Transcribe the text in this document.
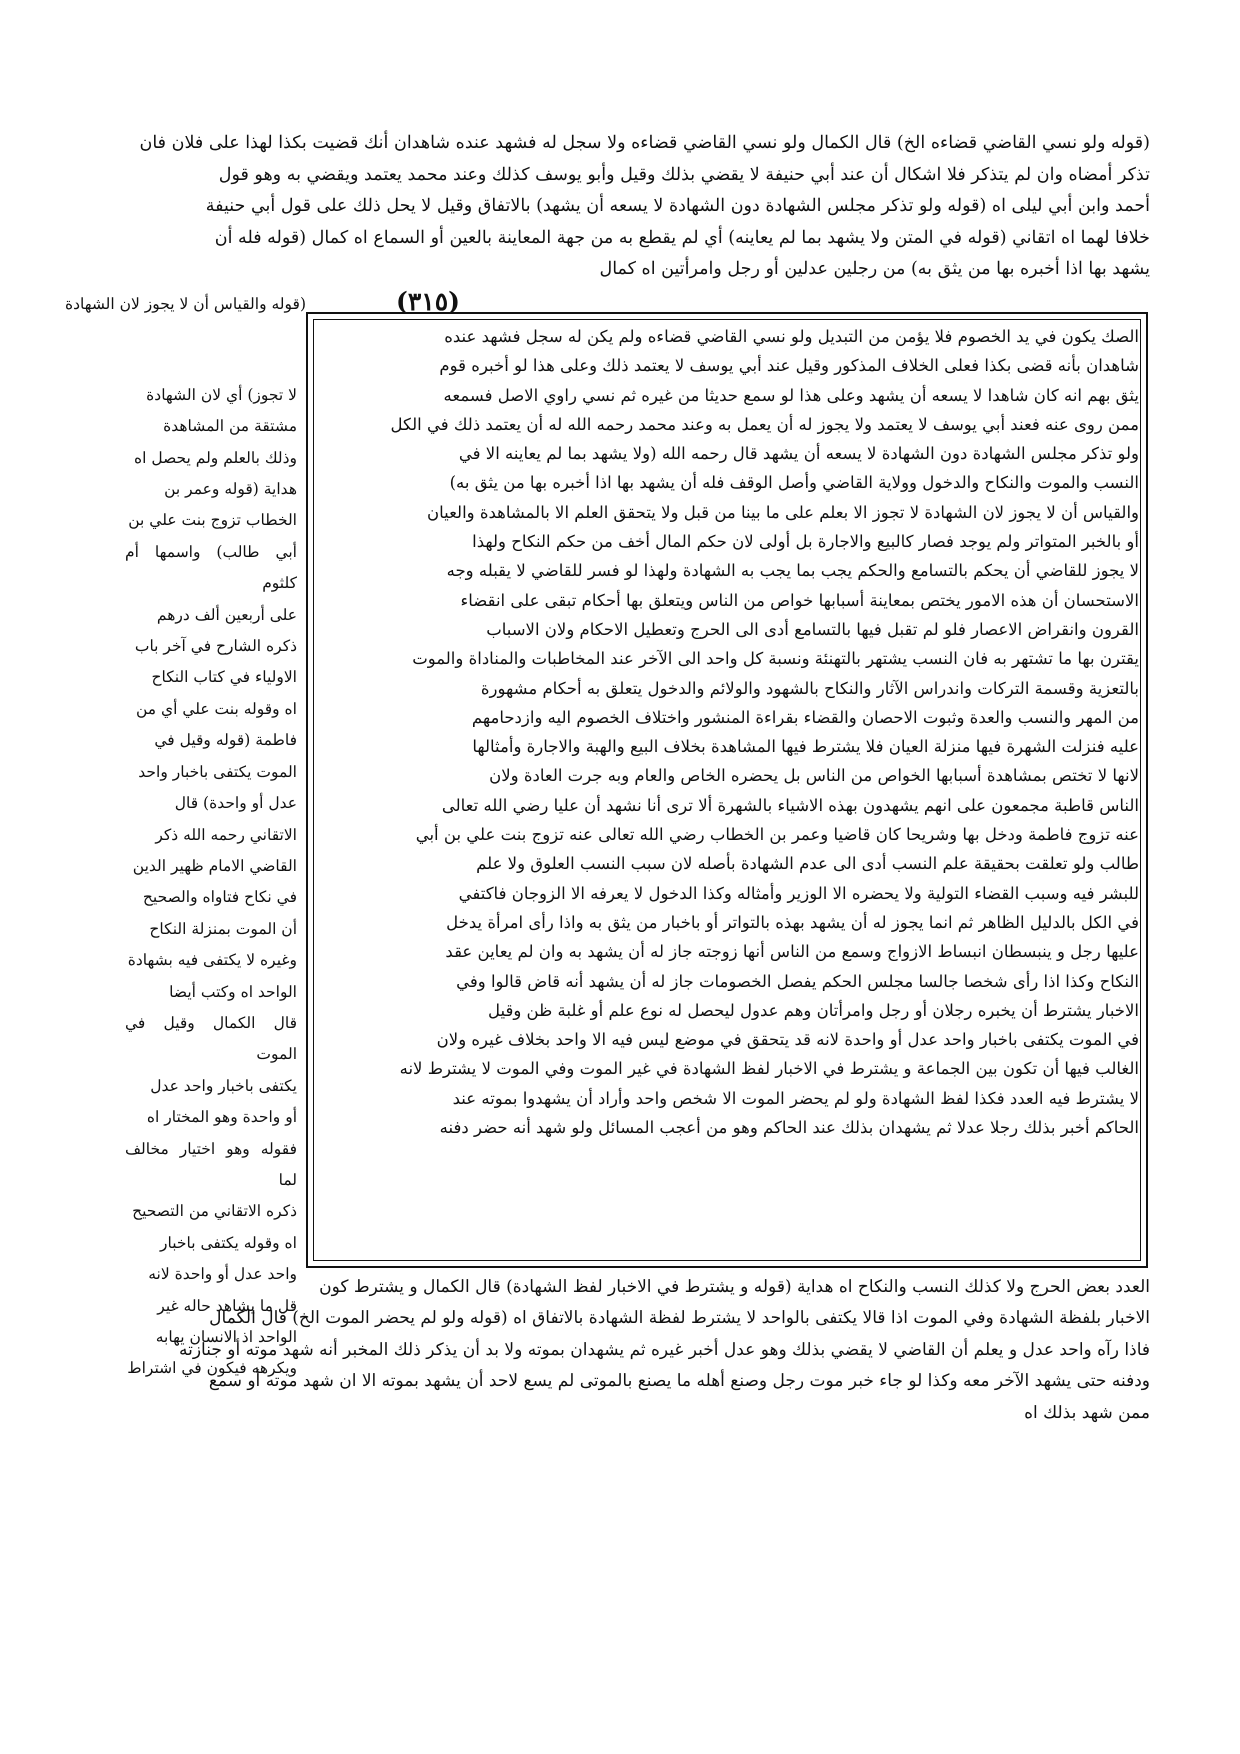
(قوله ولو نسي القاضي قضاءه الخ) قال الكمال ولو نسي القاضي قضاءه ولا سجل له فشهد عنده شاهدان أنك قضيت بكذا لهذا على فلان فان
تذكر أمضاه وان لم يتذكر فلا اشكال أن عند أبي حنيفة لا يقضي بذلك وقيل وأبو يوسف كذلك وعند محمد يعتمد ويقضي به وهو قول
أحمد وابن أبي ليلى اه (قوله ولو تذكر مجلس الشهادة دون الشهادة لا يسعه أن يشهد) بالاتفاق وقيل لا يحل ذلك على قول أبي حنيفة
خلافا لهما اه اتقاني (قوله في المتن ولا يشهد بما لم يعاينه) أي لم يقطع به من جهة المعاينة بالعين أو السماع اه كمال (قوله فله أن
يشهد بها اذا أخبره بها من يثق به) من رجلين عدلين أو رجل وامرأتين اه كمال
(٣١٥)
الصك يكون في يد الخصوم فلا يؤمن من التبديل ولو نسي القاضي قضاءه ولم يكن له سجل فشهد عنده
شاهدان بأنه قضى بكذا فعلى الخلاف المذكور وقيل عند أبي يوسف لا يعتمد ذلك وعلى هذا لو أخبره قوم
يثق بهم انه كان شاهدا لا يسعه أن يشهد وعلى هذا لو سمع حديثا من غيره ثم نسي راوي الاصل فسمعه
ممن روى عنه فعند أبي يوسف لا يعتمد ولا يجوز له أن يعمل به وعند محمد رحمه الله له أن يعتمد ذلك في الكل
ولو تذكر مجلس الشهادة دون الشهادة لا يسعه أن يشهد قال رحمه الله (ولا يشهد بما لم يعاينه الا في
النسب والموت والنكاح والدخول وولاية القاضي وأصل الوقف فله أن يشهد بها اذا أخبره بها من يثق به)
والقياس أن لا يجوز لان الشهادة لا تجوز الا بعلم على ما بينا من قبل ولا يتحقق العلم الا بالمشاهدة والعيان
أو بالخبر المتواتر ولم يوجد فصار كالبيع والاجارة بل أولى لان حكم المال أخف من حكم النكاح ولهذا
لا يجوز للقاضي أن يحكم بالتسامع والحكم يجب بما يجب به الشهادة ولهذا لو فسر للقاضي لا يقبله وجه
الاستحسان أن هذه الامور يختص بمعاينة أسبابها خواص من الناس ويتعلق بها أحكام تبقى على انقضاء
القرون وانقراض الاعصار فلو لم تقبل فيها بالتسامع أدى الى الحرج وتعطيل الاحكام ولان الاسباب
يقترن بها ما تشتهر به فان النسب يشتهر بالتهنئة ونسبة كل واحد الى الآخر عند المخاطبات والمناداة والموت
بالتعزية وقسمة التركات واندراس الآثار والنكاح بالشهود والولائم والدخول يتعلق به أحكام مشهورة
من المهر والنسب والعدة وثبوت الاحصان والقضاء بقراءة المنشور واختلاف الخصوم اليه وازدحامهم
عليه فنزلت الشهرة فيها منزلة العيان فلا يشترط فيها المشاهدة بخلاف البيع والهبة والاجارة وأمثالها
لانها لا تختص بمشاهدة أسبابها الخواص من الناس بل يحضره الخاص والعام وبه جرت العادة ولان
الناس قاطبة مجمعون على انهم يشهدون بهذه الاشياء بالشهرة ألا ترى أنا نشهد أن عليا رضي الله تعالى
عنه تزوج فاطمة ودخل بها وشريحا كان قاضيا وعمر بن الخطاب رضي الله تعالى عنه تزوج بنت علي بن أبي
طالب ولو تعلقت بحقيقة علم النسب أدى الى عدم الشهادة بأصله لان سبب النسب العلوق ولا علم
للبشر فيه وسبب القضاء التولية ولا يحضره الا الوزير وأمثاله وكذا الدخول لا يعرفه الا الزوجان فاكتفي
في الكل بالدليل الظاهر ثم انما يجوز له أن يشهد بهذه بالتواتر أو باخبار من يثق به واذا رأى امرأة يدخل
عليها رجل و ينبسطان انبساط الازواج وسمع من الناس أنها زوجته جاز له أن يشهد به وان لم يعاين عقد
النكاح وكذا اذا رأى شخصا جالسا مجلس الحكم يفصل الخصومات جاز له أن يشهد أنه قاض قالوا وفي
الاخبار يشترط أن يخبره رجلان أو رجل وامرأتان وهم عدول ليحصل له نوع علم أو غلبة ظن وقيل
في الموت يكتفى باخبار واحد عدل أو واحدة لانه قد يتحقق في موضع ليس فيه الا واحد بخلاف غيره ولان
الغالب فيها أن تكون بين الجماعة و يشترط في الاخبار لفظ الشهادة في غير الموت وفي الموت لا يشترط لانه
لا يشترط فيه العدد فكذا لفظ الشهادة ولو لم يحضر الموت الا شخص واحد وأراد أن يشهدوا بموته عند
الحاكم أخبر بذلك رجلا عدلا ثم يشهدان بذلك عند الحاكم وهو من أعجب المسائل ولو شهد أنه حضر دفنه

(قوله والقياس أن لا يجوز لان الشهادة

لا تجوز) أي لان الشهادة
مشتقة من المشاهدة
وذلك بالعلم ولم يحصل اه
هداية (قوله وعمر بن
الخطاب تزوج بنت علي بن
أبي طالب) واسمها أم كلثوم
على أربعين ألف درهم
ذكره الشارح في آخر باب
الاولياء في كتاب النكاح
اه وقوله بنت علي أي من
فاطمة (قوله وقيل في
الموت يكتفى باخبار واحد
عدل أو واحدة) قال
الاتقاني رحمه الله ذكر
القاضي الامام ظهير الدين
في نكاح فتاواه والصحيح
أن الموت بمنزلة النكاح
وغيره لا يكتفى فيه بشهادة
الواحد اه وكتب أيضا
قال الكمال وقيل في الموت
يكتفى باخبار واحد عدل
أو واحدة وهو المختار اه
فقوله وهو اختيار مخالف لما
ذكره الاتقاني من التصحيح
اه وقوله يكتفى باخبار
واحد عدل أو واحدة لانه
قل ما يشاهد حاله غير
الواحد اذ الانسان يهابه
ويكرهه فيكون في اشتراط

العدد بعض الحرج ولا كذلك النسب والنكاح اه هداية (قوله و يشترط في الاخبار لفظ الشهادة) قال الكمال و يشترط كون
الاخبار بلفظة الشهادة وفي الموت اذا قالا يكتفى بالواحد لا يشترط لفظة الشهادة بالاتفاق اه (قوله ولو لم يحضر الموت الخ) قال الكمال
فاذا رآه واحد عدل و يعلم أن القاضي لا يقضي بذلك وهو عدل أخبر غيره ثم يشهدان بموته ولا بد أن يذكر ذلك المخبر أنه شهد موته أو جنازته
ودفنه حتى يشهد الآخر معه وكذا لو جاء خبر موت رجل وصنع أهله ما يصنع بالموتى لم يسع لاحد أن يشهد بموته الا ان شهد موته أو سمع
ممن شهد بذلك اه
